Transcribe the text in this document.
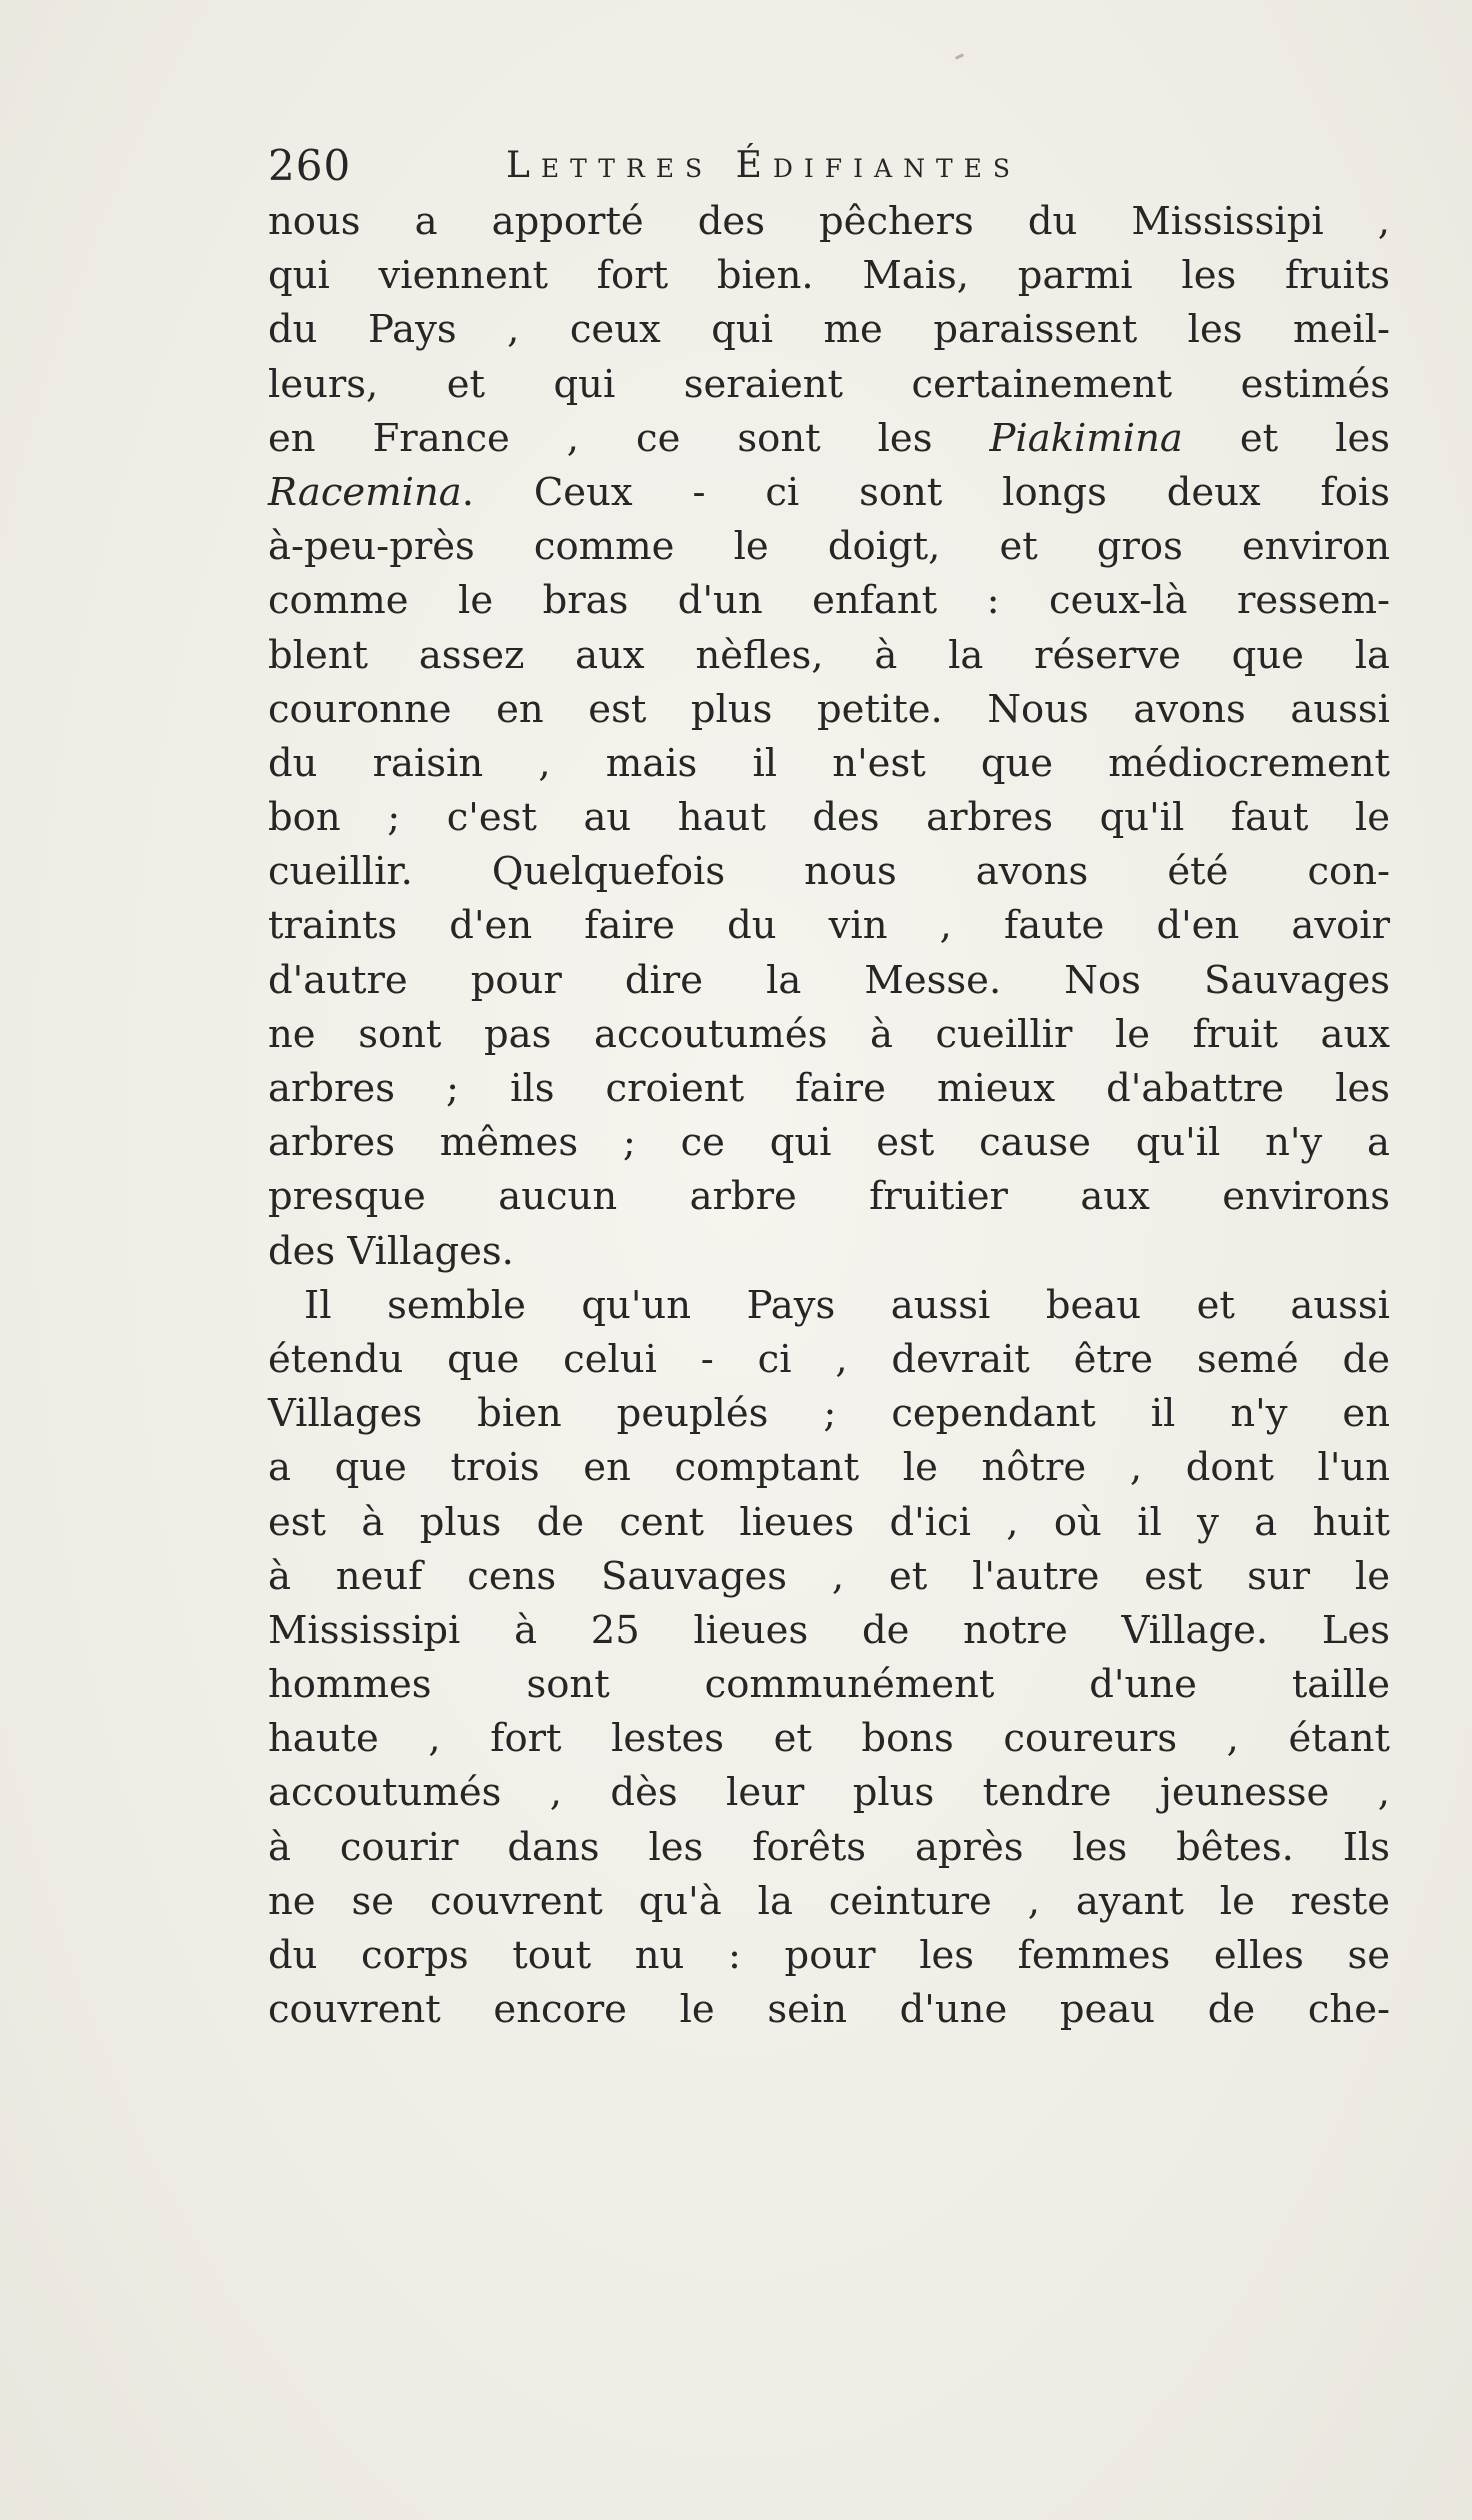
260	Lettres Édifiantes
nous a apporté des pêchers du Mississipi ,
qui viennent fort bien. Mais, parmi les fruits
du Pays , ceux qui me paraissent les meil-
leurs, et qui seraient certainement estimés
en France , ce sont les Piakimina et les
Racemina. Ceux - ci sont longs deux fois
à-peu-près comme le doigt, et gros environ
comme le bras d'un enfant : ceux-là ressem-
blent assez aux nèfles, à la réserve que la
couronne en est plus petite. Nous avons aussi
du raisin , mais il n'est que médiocrement
bon ; c'est au haut des arbres qu'il faut le
cueillir. Quelquefois nous avons été con-
traints d'en faire du vin , faute d'en avoir
d'autre pour dire la Messe. Nos Sauvages
ne sont pas accoutumés à cueillir le fruit aux
arbres ; ils croient faire mieux d'abattre les
arbres mêmes ; ce qui est cause qu'il n'y a
presque aucun arbre fruitier aux environs
des Villages.
Il semble qu'un Pays aussi beau et aussi
étendu que celui - ci , devrait être semé de
Villages bien peuplés ; cependant il n'y en
a que trois en comptant le nôtre , dont l'un
est à plus de cent lieues d'ici , où il y a huit
à neuf cens Sauvages , et l'autre est sur le
Mississipi à 25 lieues de notre Village. Les
hommes sont communément d'une taille
haute , fort lestes et bons coureurs , étant
accoutumés , dès leur plus tendre jeunesse ,
à courir dans les forêts après les bêtes. Ils
ne se couvrent qu'à la ceinture , ayant le reste
du corps tout nu : pour les femmes elles se
couvrent encore le sein d'une peau de che-
